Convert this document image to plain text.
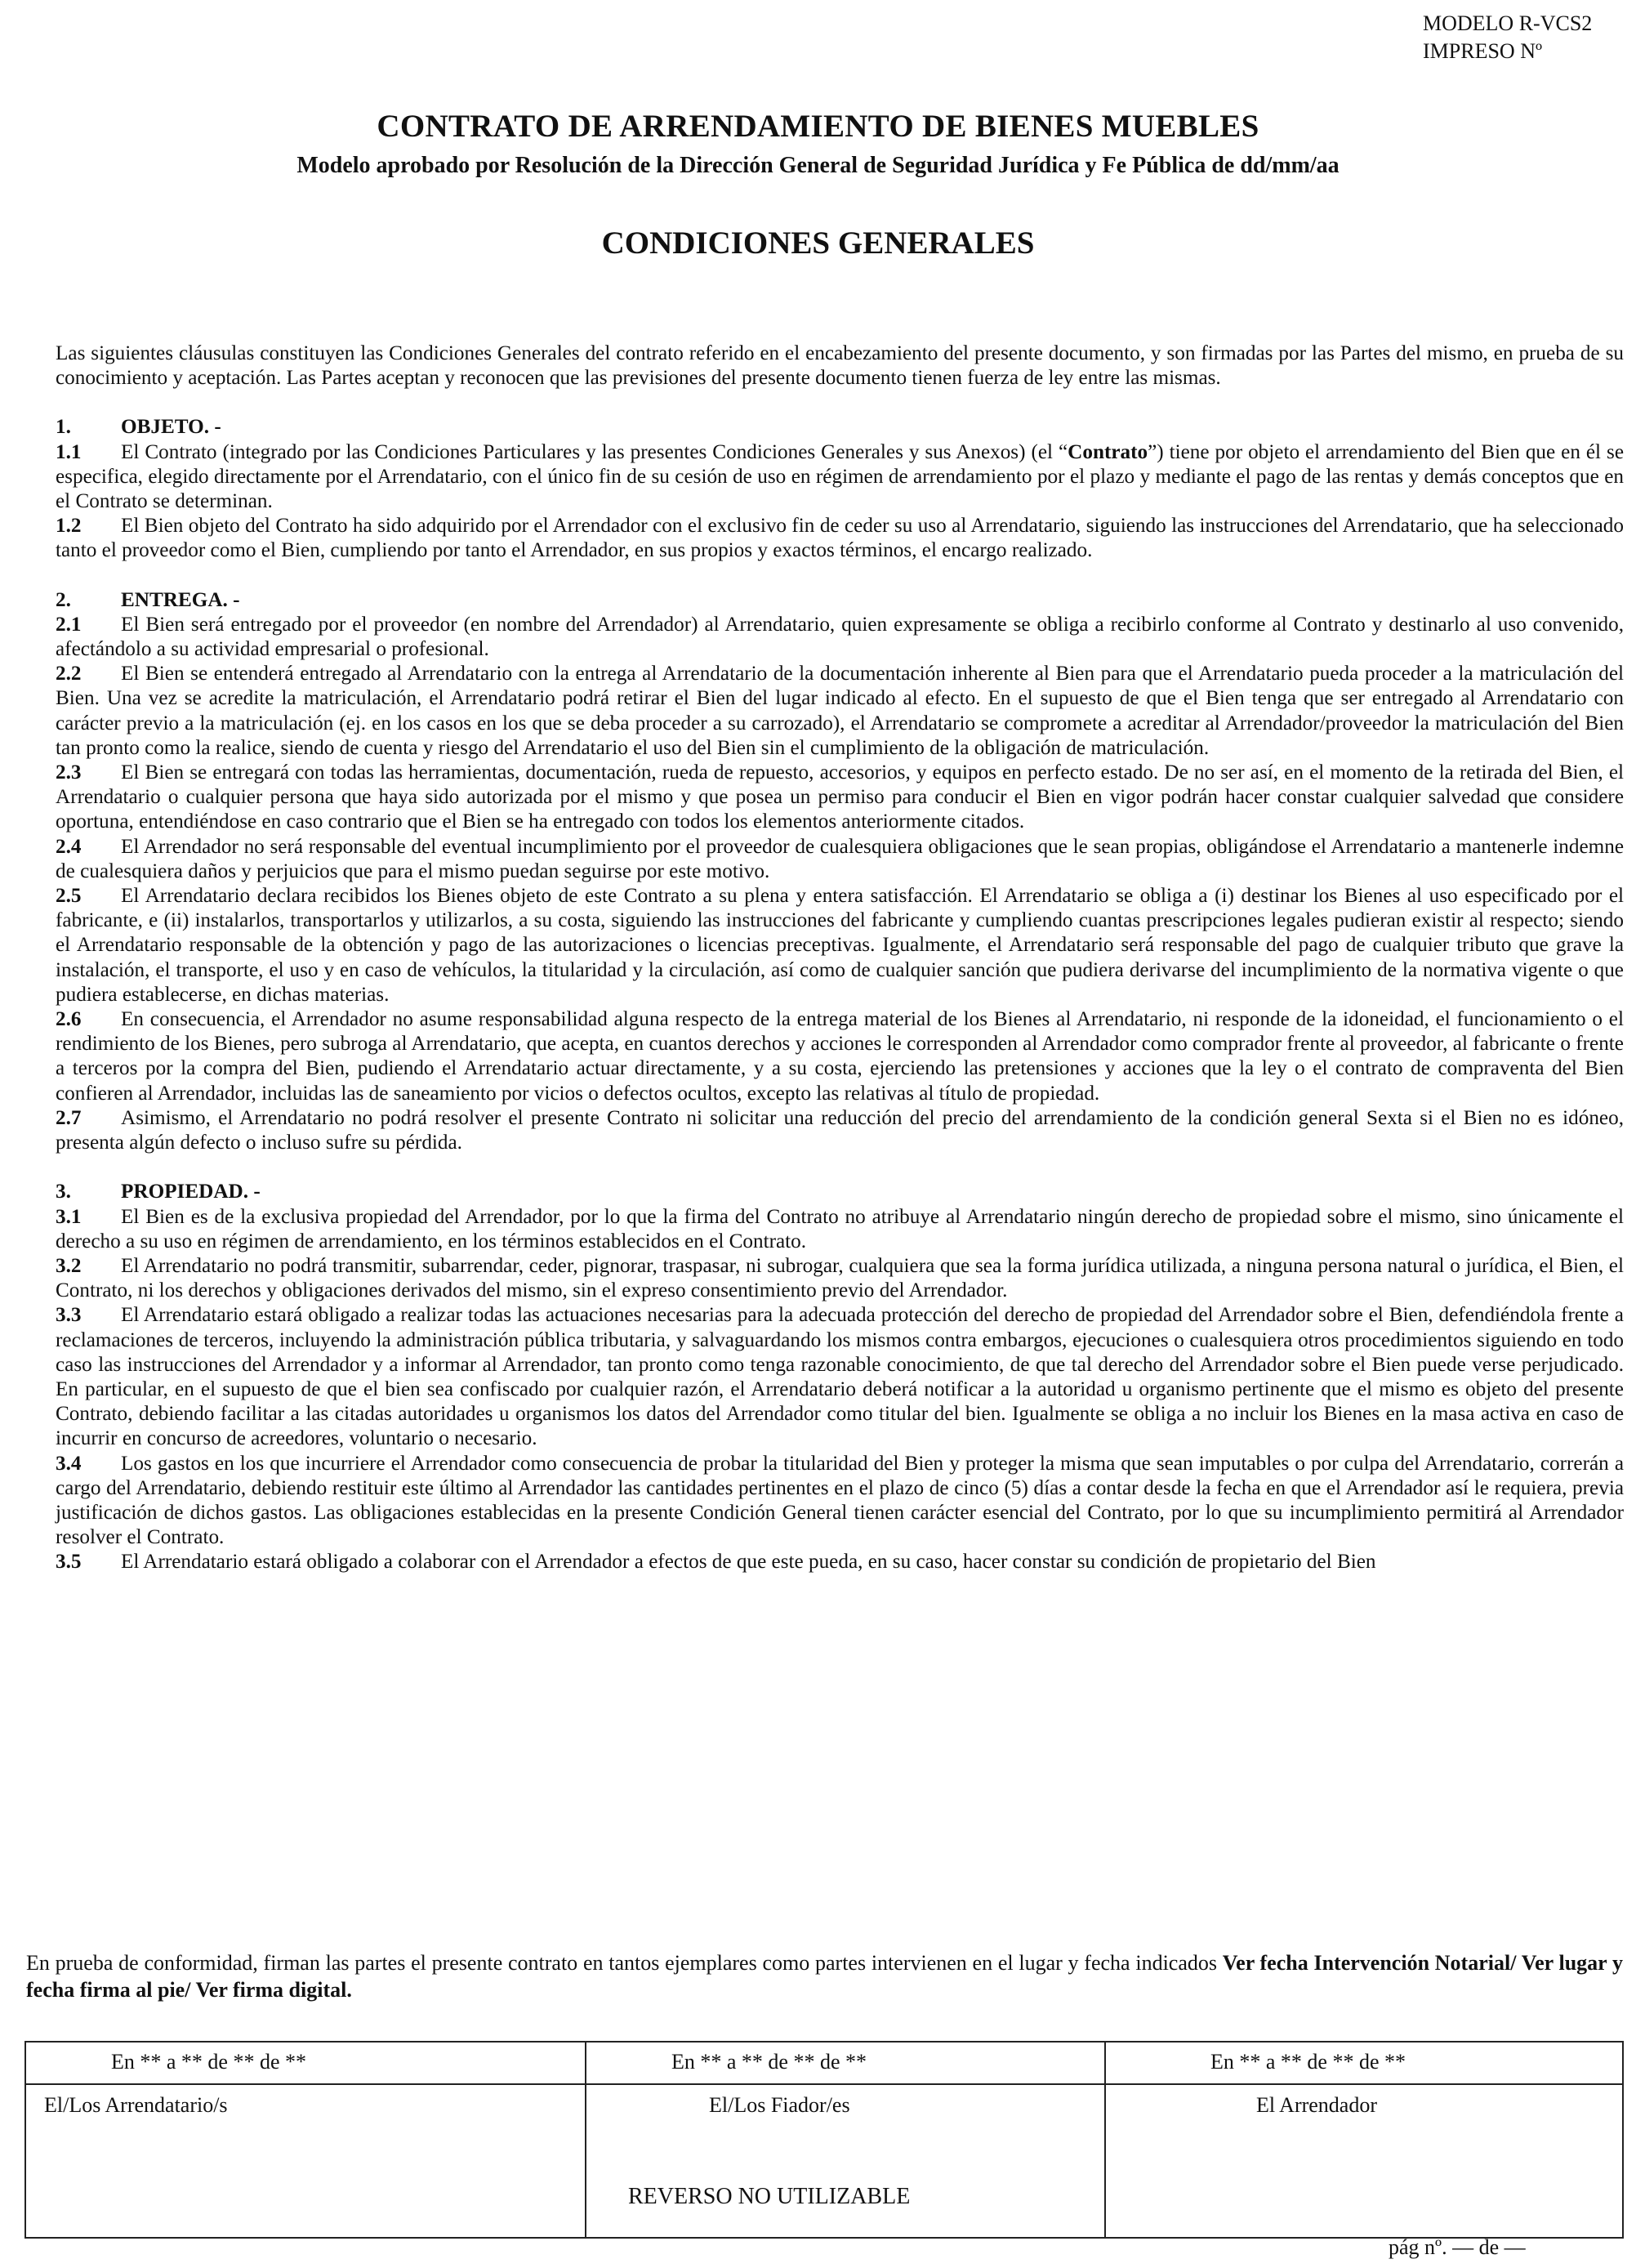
MODELO R-VCS2
IMPRESO Nº
CONTRATO DE ARRENDAMIENTO DE BIENES MUEBLES
Modelo aprobado por Resolución de la Dirección General de Seguridad Jurídica y Fe Pública de dd/mm/aa
CONDICIONES GENERALES

Las siguientes cláusulas constituyen las Condiciones Generales del contrato referido en el encabezamiento del presente documento, y son firmadas por las Partes del mismo, en prueba de su conocimiento y aceptación. Las Partes aceptan y reconocen que las previsiones del presente documento tienen fuerza de ley entre las mismas.

1. OBJETO. -

1.1 El Contrato (integrado por las Condiciones Particulares y las presentes Condiciones Generales y sus Anexos) (el “Contrato”) tiene por objeto el arrendamiento del Bien que en él se especifica, elegido directamente por el Arrendatario, con el único fin de su cesión de uso en régimen de arrendamiento por el plazo y mediante el pago de las rentas y demás conceptos que en el Contrato se determinan.

1.2 El Bien objeto del Contrato ha sido adquirido por el Arrendador con el exclusivo fin de ceder su uso al Arrendatario, siguiendo las instrucciones del Arrendatario, que ha seleccionado tanto el proveedor como el Bien, cumpliendo por tanto el Arrendador, en sus propios y exactos términos, el encargo realizado.

2. ENTREGA. -

2.1 El Bien será entregado por el proveedor (en nombre del Arrendador) al Arrendatario, quien expresamente se obliga a recibirlo conforme al Contrato y destinarlo al uso convenido, afectándolo a su actividad empresarial o profesional.

2.2 El Bien se entenderá entregado al Arrendatario con la entrega al Arrendatario de la documentación inherente al Bien para que el Arrendatario pueda proceder a la matriculación del Bien. Una vez se acredite la matriculación, el Arrendatario podrá retirar el Bien del lugar indicado al efecto. En el supuesto de que el Bien tenga que ser entregado al Arrendatario con carácter previo a la matriculación (ej. en los casos en los que se deba proceder a su carrozado), el Arrendatario se compromete a acreditar al Arrendador/proveedor la matriculación del Bien tan pronto como la realice, siendo de cuenta y riesgo del Arrendatario el uso del Bien sin el cumplimiento de la obligación de matriculación.

2.3 El Bien se entregará con todas las herramientas, documentación, rueda de repuesto, accesorios, y equipos en perfecto estado. De no ser así, en el momento de la retirada del Bien, el Arrendatario o cualquier persona que haya sido autorizada por el mismo y que posea un permiso para conducir el Bien en vigor podrán hacer constar cualquier salvedad que considere oportuna, entendiéndose en caso contrario que el Bien se ha entregado con todos los elementos anteriormente citados.

2.4 El Arrendador no será responsable del eventual incumplimiento por el proveedor de cualesquiera obligaciones que le sean propias, obligándose el Arrendatario a mantenerle indemne de cualesquiera daños y perjuicios que para el mismo puedan seguirse por este motivo.

2.5 El Arrendatario declara recibidos los Bienes objeto de este Contrato a su plena y entera satisfacción. El Arrendatario se obliga a (i) destinar los Bienes al uso especificado por el fabricante, e (ii) instalarlos, transportarlos y utilizarlos, a su costa, siguiendo las instrucciones del fabricante y cumpliendo cuantas prescripciones legales pudieran existir al respecto; siendo el Arrendatario responsable de la obtención y pago de las autorizaciones o licencias preceptivas. Igualmente, el Arrendatario será responsable del pago de cualquier tributo que grave la instalación, el transporte, el uso y en caso de vehículos, la titularidad y la circulación, así como de cualquier sanción que pudiera derivarse del incumplimiento de la normativa vigente o que pudiera establecerse, en dichas materias.

2.6 En consecuencia, el Arrendador no asume responsabilidad alguna respecto de la entrega material de los Bienes al Arrendatario, ni responde de la idoneidad, el funcionamiento o el rendimiento de los Bienes, pero subroga al Arrendatario, que acepta, en cuantos derechos y acciones le corresponden al Arrendador como comprador frente al proveedor, al fabricante o frente a terceros por la compra del Bien, pudiendo el Arrendatario actuar directamente, y a su costa, ejerciendo las pretensiones y acciones que la ley o el contrato de compraventa del Bien confieren al Arrendador, incluidas las de saneamiento por vicios o defectos ocultos, excepto las relativas al título de propiedad.

2.7 Asimismo, el Arrendatario no podrá resolver el presente Contrato ni solicitar una reducción del precio del arrendamiento de la condición general Sexta si el Bien no es idóneo, presenta algún defecto o incluso sufre su pérdida.

3. PROPIEDAD. -

3.1 El Bien es de la exclusiva propiedad del Arrendador, por lo que la firma del Contrato no atribuye al Arrendatario ningún derecho de propiedad sobre el mismo, sino únicamente el derecho a su uso en régimen de arrendamiento, en los términos establecidos en el Contrato.

3.2 El Arrendatario no podrá transmitir, subarrendar, ceder, pignorar, traspasar, ni subrogar, cualquiera que sea la forma jurídica utilizada, a ninguna persona natural o jurídica, el Bien, el Contrato, ni los derechos y obligaciones derivados del mismo, sin el expreso consentimiento previo del Arrendador.

3.3 El Arrendatario estará obligado a realizar todas las actuaciones necesarias para la adecuada protección del derecho de propiedad del Arrendador sobre el Bien, defendiéndola frente a reclamaciones de terceros, incluyendo la administración pública tributaria, y salvaguardando los mismos contra embargos, ejecuciones o cualesquiera otros procedimientos siguiendo en todo caso las instrucciones del Arrendador y a informar al Arrendador, tan pronto como tenga razonable conocimiento, de que tal derecho del Arrendador sobre el Bien puede verse perjudicado. En particular, en el supuesto de que el bien sea confiscado por cualquier razón, el Arrendatario deberá notificar a la autoridad u organismo pertinente que el mismo es objeto del presente Contrato, debiendo facilitar a las citadas autoridades u organismos los datos del Arrendador como titular del bien. Igualmente se obliga a no incluir los Bienes en la masa activa en caso de incurrir en concurso de acreedores, voluntario o necesario.

3.4 Los gastos en los que incurriere el Arrendador como consecuencia de probar la titularidad del Bien y proteger la misma que sean imputables o por culpa del Arrendatario, correrán a cargo del Arrendatario, debiendo restituir este último al Arrendador las cantidades pertinentes en el plazo de cinco (5) días a contar desde la fecha en que el Arrendador así le requiera, previa justificación de dichos gastos. Las obligaciones establecidas en la presente Condición General tienen carácter esencial del Contrato, por lo que su incumplimiento permitirá al Arrendador resolver el Contrato.

3.5 El Arrendatario estará obligado a colaborar con el Arrendador a efectos de que este pueda, en su caso, hacer constar su condición de propietario del Bien

En prueba de conformidad, firman las partes el presente contrato en tantos ejemplares como partes intervienen en el lugar y fecha indicados Ver fecha Intervención Notarial/ Ver lugar y fecha firma al pie/ Ver firma digital.

En ** a ** de ** de **
El/Los Arrendatario/s
En ** a ** de ** de **
El/Los Fiador/es
REVERSO NO UTILIZABLE
En ** a ** de ** de **
El Arrendador
pág nº. — de —
